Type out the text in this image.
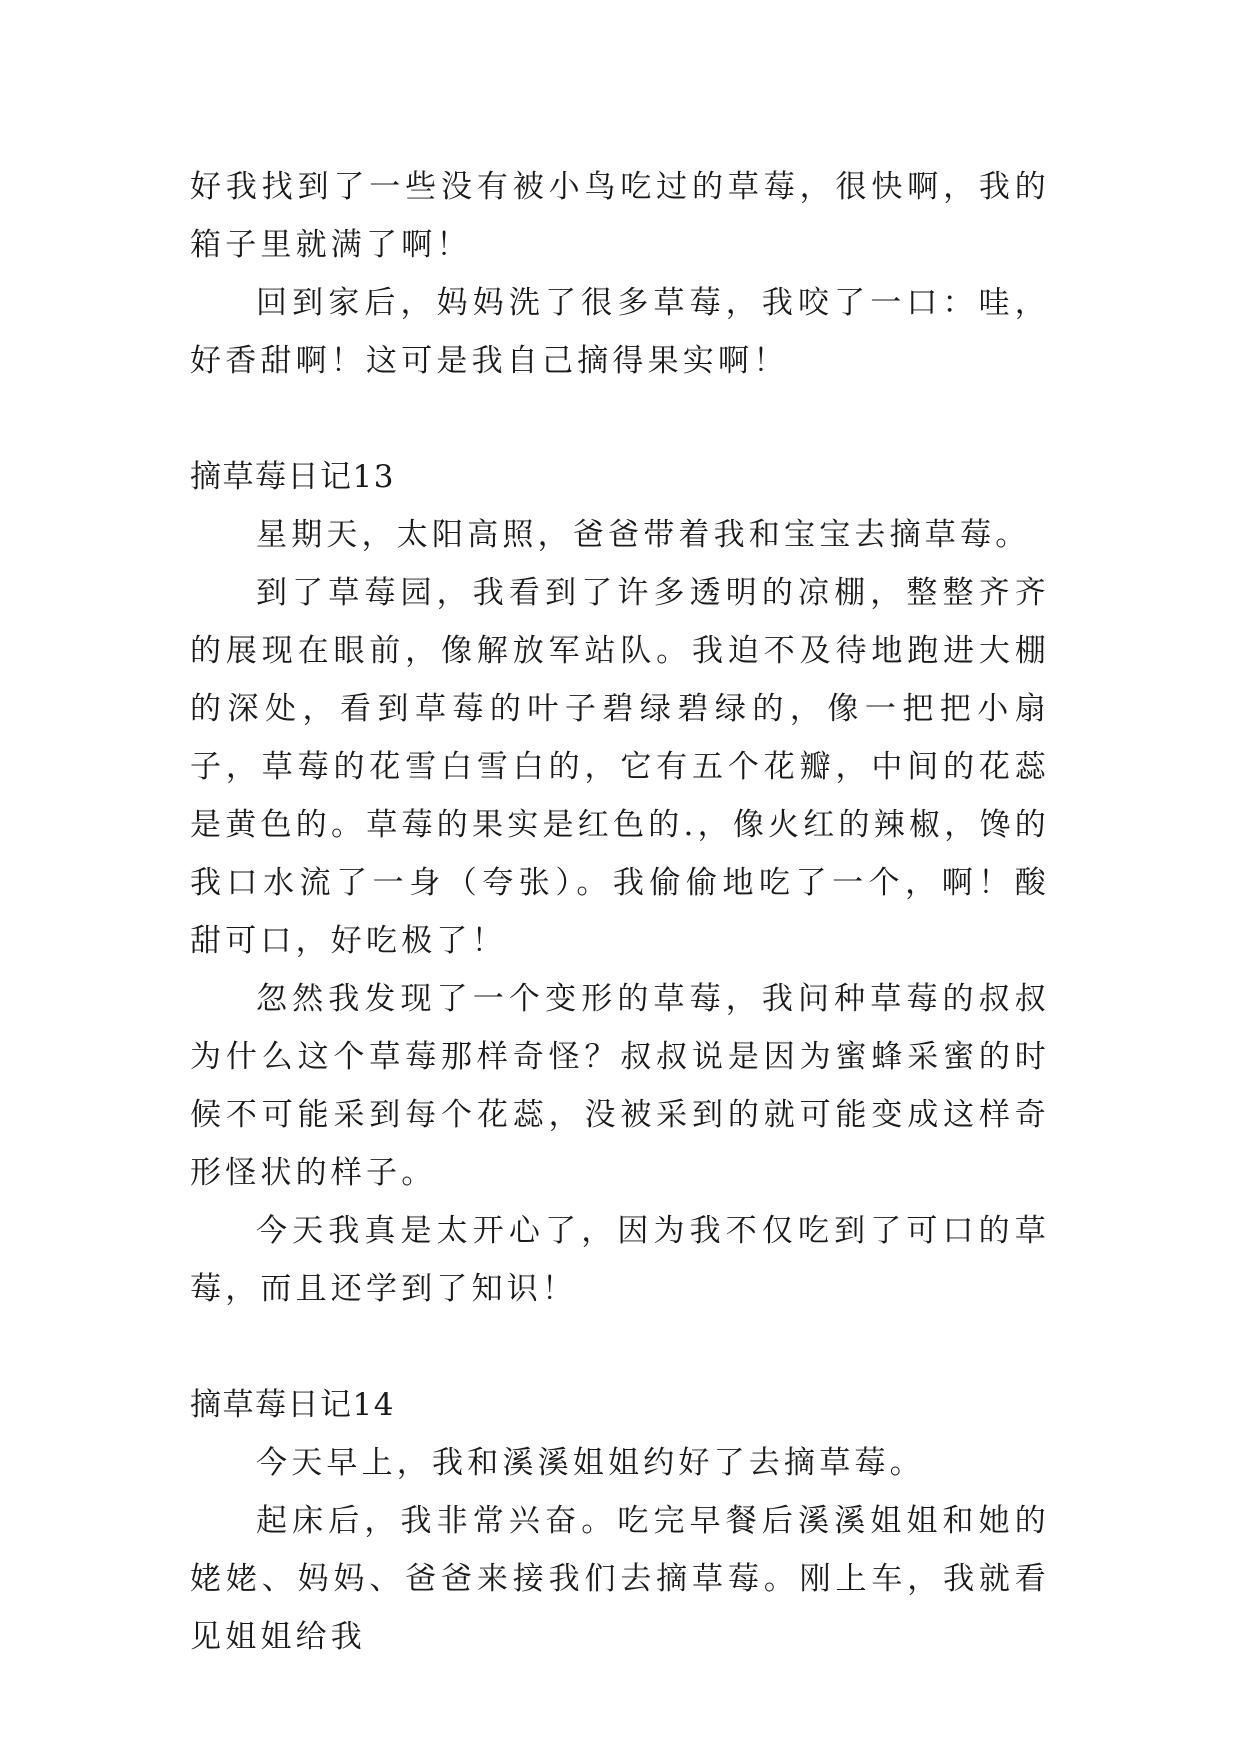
好我找到了一些没有被小鸟吃过的草莓，很快啊，我的箱子里就满了啊！

回到家后，妈妈洗了很多草莓，我咬了一口：哇，好香甜啊！这可是我自己摘得果实啊！

摘草莓日记13

星期天，太阳高照，爸爸带着我和宝宝去摘草莓。

到了草莓园，我看到了许多透明的凉棚，整整齐齐的展现在眼前，像解放军站队。我迫不及待地跑进大棚的深处，看到草莓的叶子碧绿碧绿的，像一把把小扇子，草莓的花雪白雪白的，它有五个花瓣，中间的花蕊是黄色的。草莓的果实是红色的.，像火红的辣椒，馋的我口水流了一身（夸张）。我偷偷地吃了一个，啊！酸甜可口，好吃极了！

忽然我发现了一个变形的草莓，我问种草莓的叔叔为什么这个草莓那样奇怪？叔叔说是因为蜜蜂采蜜的时候不可能采到每个花蕊，没被采到的就可能变成这样奇形怪状的样子。

今天我真是太开心了，因为我不仅吃到了可口的草莓，而且还学到了知识！

摘草莓日记14

今天早上，我和溪溪姐姐约好了去摘草莓。

起床后，我非常兴奋。吃完早餐后溪溪姐姐和她的姥姥、妈妈、爸爸来接我们去摘草莓。刚上车，我就看见姐姐给我
